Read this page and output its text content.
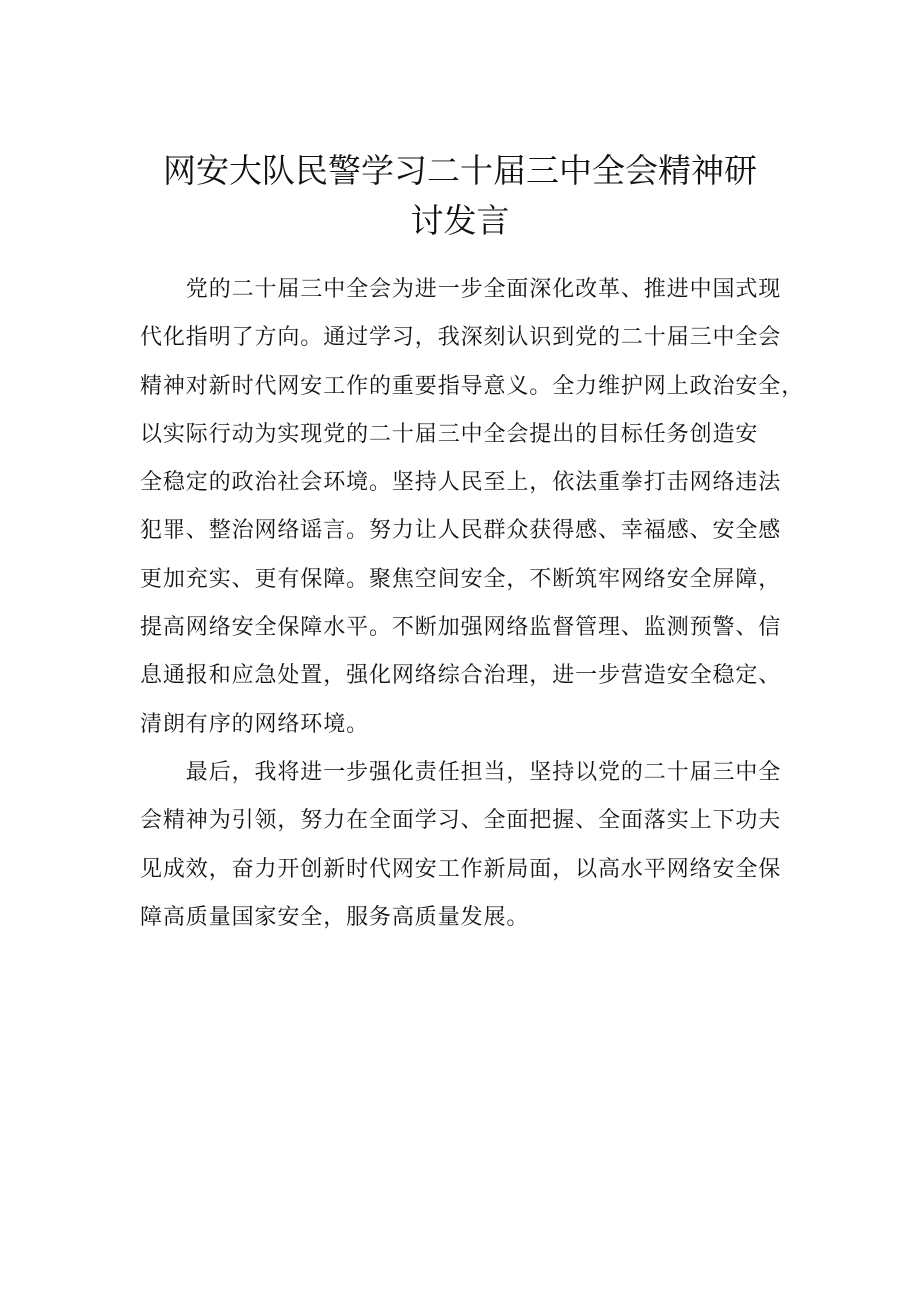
网安大队民警学习二十届三中全会精神研
讨发言
　　党的二十届三中全会为进一步全面深化改革、推进中国式现
代化指明了方向。通过学习，我深刻认识到党的二十届三中全会
精神对新时代网安工作的重要指导意义。全力维护网上政治安全，
以实际行动为实现党的二十届三中全会提出的目标任务创造安
全稳定的政治社会环境。坚持人民至上，依法重拳打击网络违法
犯罪、整治网络谣言。努力让人民群众获得感、幸福感、安全感
更加充实、更有保障。聚焦空间安全，不断筑牢网络安全屏障，
提高网络安全保障水平。不断加强网络监督管理、监测预警、信
息通报和应急处置，强化网络综合治理，进一步营造安全稳定、
清朗有序的网络环境。
　　最后，我将进一步强化责任担当，坚持以党的二十届三中全
会精神为引领，努力在全面学习、全面把握、全面落实上下功夫
见成效，奋力开创新时代网安工作新局面，以高水平网络安全保
障高质量国家安全，服务高质量发展。
